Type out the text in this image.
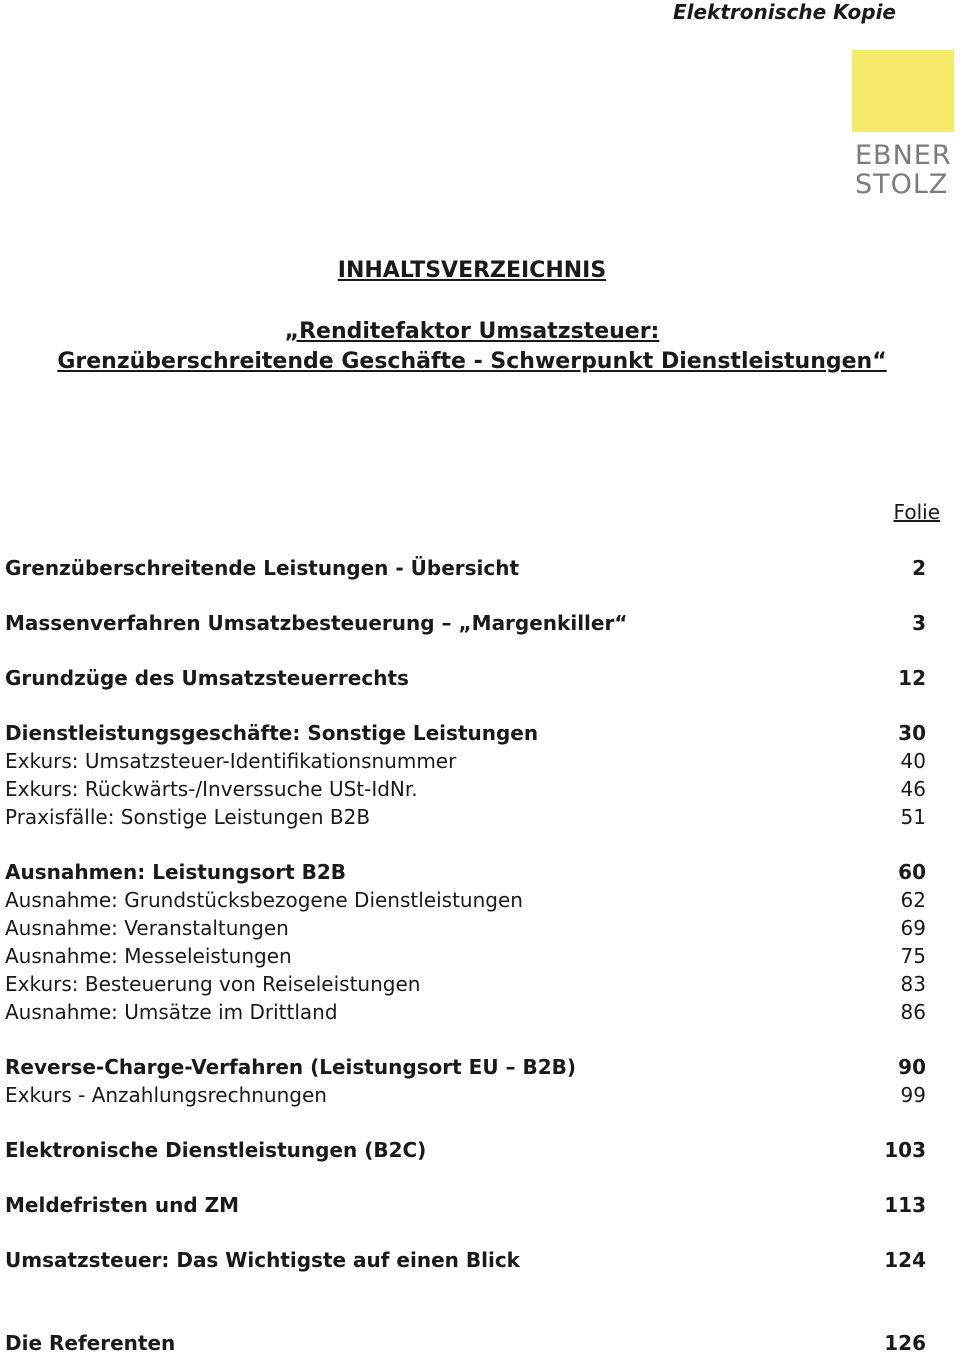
Elektronische Kopie
EBNER
STOLZ
INHALTSVERZEICHNIS
„Renditefaktor Umsatzsteuer:
Grenzüberschreitende Geschäfte - Schwerpunkt Dienstleistungen“
Folie
Grenzüberschreitende Leistungen - Übersicht	2
Massenverfahren Umsatzbesteuerung – „Margenkiller“	3
Grundzüge des Umsatzsteuerrechts	12
Dienstleistungsgeschäfte: Sonstige Leistungen	30
Exkurs: Umsatzsteuer-Identifikationsnummer	40
Exkurs: Rückwärts-/Inverssuche USt-IdNr.	46
Praxisfälle: Sonstige Leistungen B2B	51
Ausnahmen: Leistungsort B2B	60
Ausnahme: Grundstücksbezogene Dienstleistungen	62
Ausnahme: Veranstaltungen	69
Ausnahme: Messeleistungen	75
Exkurs: Besteuerung von Reiseleistungen	83
Ausnahme: Umsätze im Drittland	86
Reverse-Charge-Verfahren (Leistungsort EU – B2B)	90
Exkurs - Anzahlungsrechnungen	99
Elektronische Dienstleistungen (B2C)	103
Meldefristen und ZM	113
Umsatzsteuer: Das Wichtigste auf einen Blick	124
Die Referenten	126
